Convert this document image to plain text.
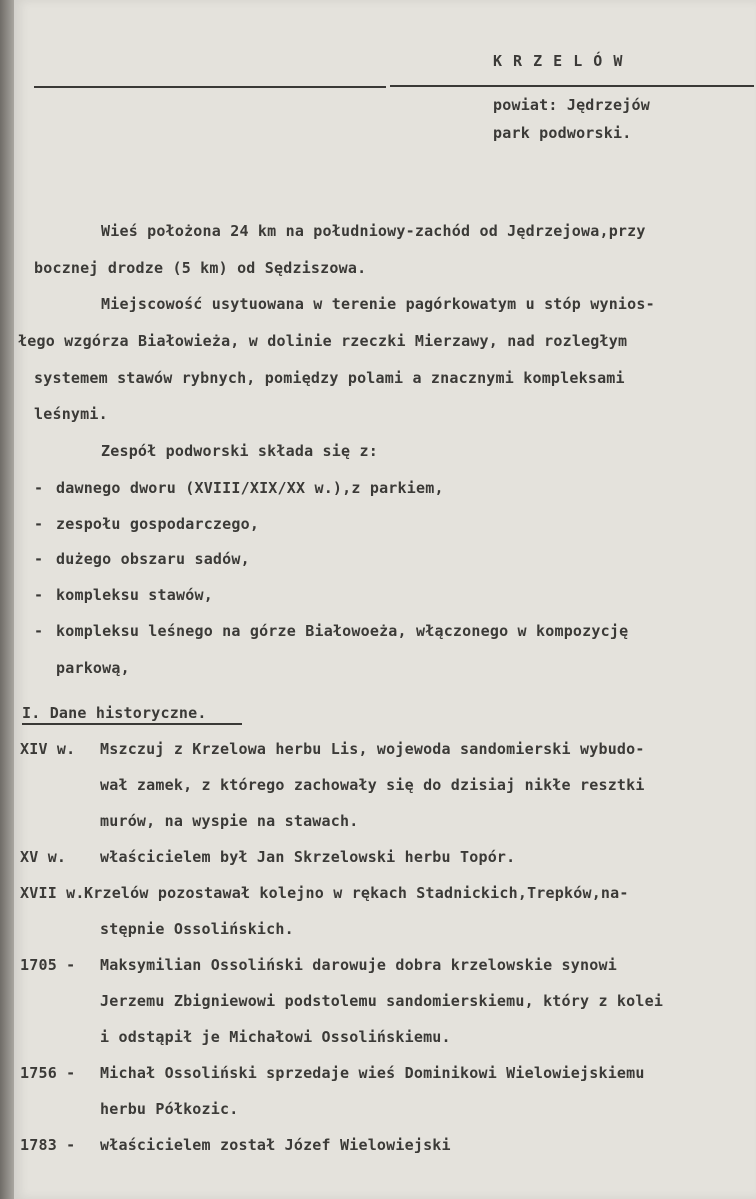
K R Z E L Ó W
powiat: Jędrzejów
park podworski.
Wieś położona 24 km na południowy-zachód od Jędrzejowa,przy
bocznej drodze (5 km) od Sędziszowa.
Miejscowość usytuowana w terenie pagórkowatym u stóp wynios-
łego wzgórza Białowieża, w dolinie rzeczki Mierzawy, nad rozległym
systemem stawów rybnych, pomiędzy polami a znacznymi kompleksami
leśnymi.
Zespół podworski składa się z:
- dawnego dworu (XVIII/XIX/XX w.),z parkiem,
- zespołu gospodarczego,
- dużego obszaru sadów,
- kompleksu stawów,
- kompleksu leśnego na górze Białowoeża, włączonego w kompozycję
parkową,
I. Dane historyczne.
XIV w. Mszczuj z Krzelowa herbu Lis, wojewoda sandomierski wybudo-
wał zamek, z którego zachowały się do dzisiaj nikłe resztki
murów, na wyspie na stawach.
XV w. właścicielem był Jan Skrzelowski herbu Topór.
XVII w. Krzelów pozostawał kolejno w rękach Stadnickich,Trepków,na-
stępnie Ossolińskich.
1705 - Maksymilian Ossoliński darowuje dobra krzelowskie synowi
Jerzemu Zbigniewowi podstolemu sandomierskiemu, który z kolei
i odstąpił je Michałowi Ossolińskiemu.
1756 - Michał Ossoliński sprzedaje wieś Dominikowi Wielowiejskiemu
herbu Półkozic.
1783 - właścicielem został Józef Wielowiejski
